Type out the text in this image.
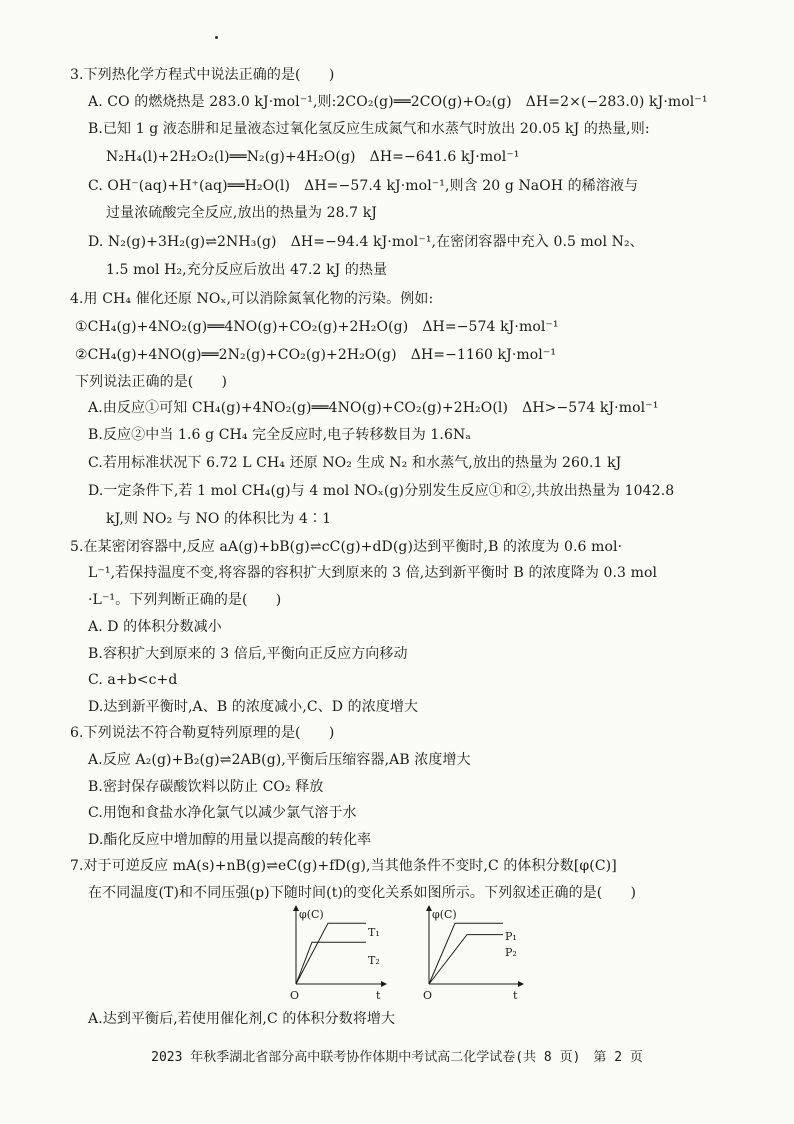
3.下列热化学方程式中说法正确的是(　　)
A. CO 的燃烧热是 283.0 kJ·mol⁻¹,则:2CO₂(g)══2CO(g)+O₂(g)　ΔH=2×(−283.0) kJ·mol⁻¹
B.已知 1 g 液态肼和足量液态过氧化氢反应生成氮气和水蒸气时放出 20.05 kJ 的热量,则:
N₂H₄(l)+2H₂O₂(l)══N₂(g)+4H₂O(g)　ΔH=−641.6 kJ·mol⁻¹
C. OH⁻(aq)+H⁺(aq)══H₂O(l)　ΔH=−57.4 kJ·mol⁻¹,则含 20 g NaOH 的稀溶液与
过量浓硫酸完全反应,放出的热量为 28.7 kJ
D. N₂(g)+3H₂(g)⇌2NH₃(g)　ΔH=−94.4 kJ·mol⁻¹,在密闭容器中充入 0.5 mol N₂、
1.5 mol H₂,充分反应后放出 47.2 kJ 的热量
4.用 CH₄ 催化还原 NOₓ,可以消除氮氧化物的污染。例如:
①CH₄(g)+4NO₂(g)══4NO(g)+CO₂(g)+2H₂O(g)　ΔH=−574 kJ·mol⁻¹
②CH₄(g)+4NO(g)══2N₂(g)+CO₂(g)+2H₂O(g)　ΔH=−1160 kJ·mol⁻¹
下列说法正确的是(　　)
A.由反应①可知 CH₄(g)+4NO₂(g)══4NO(g)+CO₂(g)+2H₂O(l)　ΔH>−574 kJ·mol⁻¹
B.反应②中当 1.6 g CH₄ 完全反应时,电子转移数目为 1.6Nₐ
C.若用标准状况下 6.72 L CH₄ 还原 NO₂ 生成 N₂ 和水蒸气,放出的热量为 260.1 kJ
D.一定条件下,若 1 mol CH₄(g)与 4 mol NOₓ(g)分别发生反应①和②,共放出热量为 1042.8
kJ,则 NO₂ 与 NO 的体积比为 4∶1
5.在某密闭容器中,反应 aA(g)+bB(g)⇌cC(g)+dD(g)达到平衡时,B 的浓度为 0.6 mol·
L⁻¹,若保持温度不变,将容器的容积扩大到原来的 3 倍,达到新平衡时 B 的浓度降为 0.3 mol
·L⁻¹。下列判断正确的是(　　)
A. D 的体积分数减小
B.容积扩大到原来的 3 倍后,平衡向正反应方向移动
C. a+b<c+d
D.达到新平衡时,A、B 的浓度减小,C、D 的浓度增大
6.下列说法不符合勒夏特列原理的是(　　)
A.反应 A₂(g)+B₂(g)⇌2AB(g),平衡后压缩容器,AB 浓度增大
B.密封保存碳酸饮料以防止 CO₂ 释放
C.用饱和食盐水净化氯气以减少氯气溶于水
D.酯化反应中增加醇的用量以提高酸的转化率
7.对于可逆反应 mA(s)+nB(g)⇌eC(g)+fD(g),当其他条件不变时,C 的体积分数[φ(C)]
在不同温度(T)和不同压强(p)下随时间(t)的变化关系如图所示。下列叙述正确的是(　　)
φ(C)
O	t
T₁
T₂
φ(C)
O	t
P₁
P₂
A.达到平衡后,若使用催化剂,C 的体积分数将增大
2023 年秋季湖北省部分高中联考协作体期中考试高二化学试卷(共 8 页)　第 2 页
